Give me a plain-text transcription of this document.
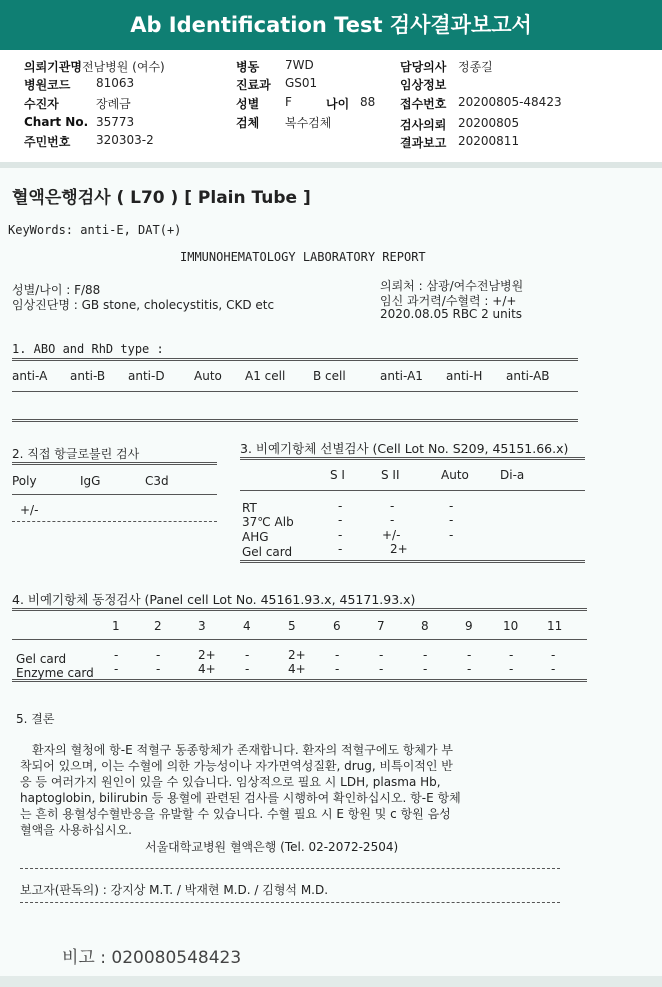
Ab Identification Test 검사결과보고서
의뢰기관명 전남병원 (여수)
병원코드 81063
수진자	장례금
Chart No. 35773
주민번호 320303-2
병동 7WD
진료과 GS01
성별 F	나이 88
검체 복수검체
담당의사 정종길
임상정보
접수번호 20200805-48423
검사의뢰 20200805
결과보고 20200811
혈액은행검사 ( L70 ) [ Plain Tube ]
KeyWords: anti-E, DAT(+)
IMMUNOHEMATOLOGY LABORATORY REPORT
성별/나이 : F/88
임상진단명 : GB stone, cholecystitis, CKD etc
의뢰처 : 삼광/여수전남병원
임신 과거력/수혈력 : +/+
2020.08.05 RBC 2 units
1. ABO and RhD type :
anti-A anti-B anti-D Auto A1 cell B cell	anti-A1 anti-H anti-AB
2. 직접 항글로불린 검사
Poly	IgG	C3d
+/-
3. 비예기항체 선별검사 (Cell Lot No. S209, 45151.66.x)
S I	S II	Auto	Di-a
RT	-	-	-
37℃ Alb	-	-	-
AHG	-	+/-	-
Gel card	-	2+
4. 비예기항체 동정검사 (Panel cell Lot No. 45161.93.x, 45171.93.x)
1	2	3	4	5	6	7	8	9	10 11
Gel card	-	-	2+ -	2+ -	-	-	-	-	-
Enzyme card -	-	4+ -	4+ -	-	-	-	-	-
5. 결론
환자의 혈청에 항-E 적혈구 동종항체가 존재합니다. 환자의 적혈구에도 항체가 부
착되어 있으며, 이는 수혈에 의한 가능성이나 자가면역성질환, drug, 비특이적인 반
응 등 여러가지 원인이 있을 수 있습니다. 임상적으로 필요 시 LDH, plasma Hb,
haptoglobin, bilirubin 등 용혈에 관련된 검사를 시행하여 확인하십시오. 항-E 항체
는 흔히 용혈성수혈반응을 유발할 수 있습니다. 수혈 필요 시 E 항원 및 c 항원 음성
혈액을 사용하십시오.
서울대학교병원 혈액은행 (Tel. 02-2072-2504)
보고자(판독의) : 강지상 M.T. / 박재현 M.D. / 김형석 M.D.
비고 : 020080548423
